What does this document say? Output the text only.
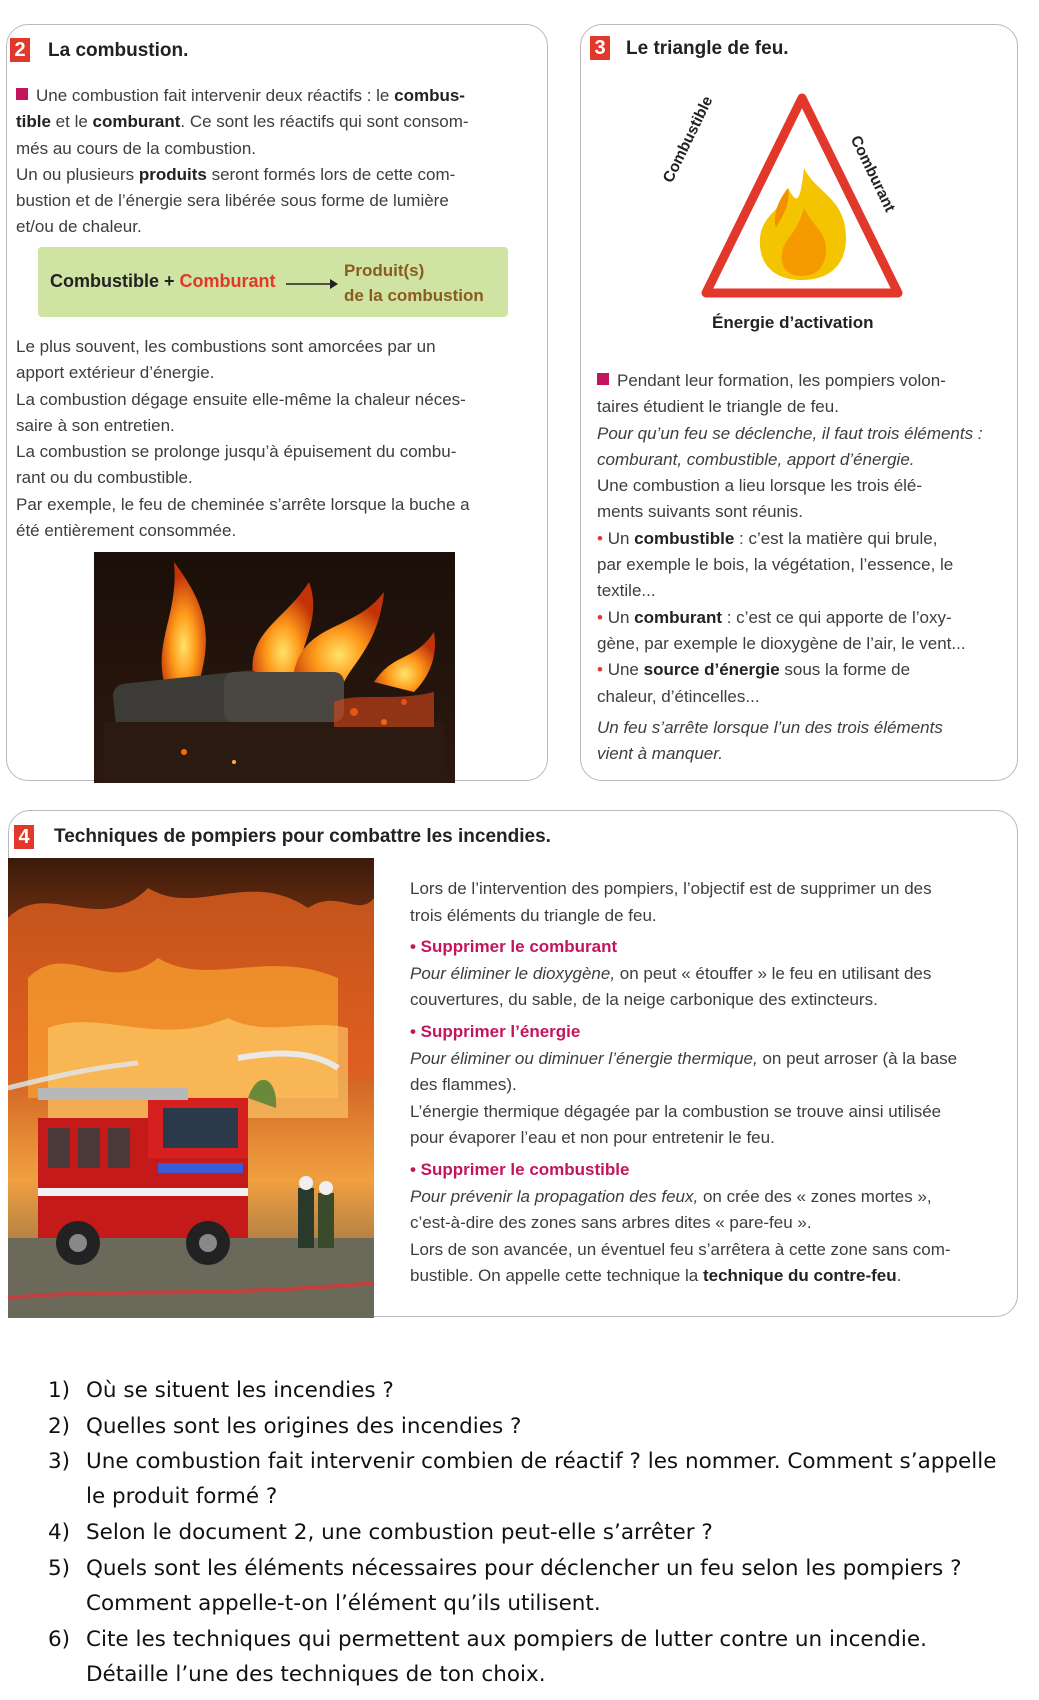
2 La combustion.

Une combustion fait intervenir deux réactifs : le combus-

tible et le comburant. Ce sont les réactifs qui sont consom-

més au cours de la combustion.

Un ou plusieurs produits seront formés lors de cette com-

bustion et de l’énergie sera libérée sous forme de lumière

et/ou de chaleur.

Combustible + Comburant
Produit(s)
de la combustion

Le plus souvent, les combustions sont amorcées par un

apport extérieur d’énergie.

La combustion dégage ensuite elle-même la chaleur néces-

saire à son entretien.

La combustion se prolonge jusqu’à épuisement du combu-

rant ou du combustible.

Par exemple, le feu de cheminée s’arrête lorsque la buche a

été entièrement consommée.

3 Le triangle de feu.
Combustible	Comburant
Énergie d’activation

Pendant leur formation, les pompiers volon-

taires étudient le triangle de feu.

Pour qu’un feu se déclenche, il faut trois éléments :

comburant, combustible, apport d’énergie.

Une combustion a lieu lorsque les trois élé-

ments suivants sont réunis.

• Un combustible : c’est la matière qui brule,

par exemple le bois, la végétation, l’essence, le

textile...

• Un comburant : c’est ce qui apporte de l’oxy-

gène, par exemple le dioxygène de l’air, le vent...

• Une source d’énergie sous la forme de

chaleur, d’étincelles...

Un feu s’arrête lorsque l’un des trois éléments

vient à manquer.

4 Techniques de pompiers pour combattre les incendies.

Lors de l’intervention des pompiers, l’objectif est de supprimer un des

trois éléments du triangle de feu.

• Supprimer le comburant

Pour éliminer le dioxygène, on peut « étouffer » le feu en utilisant des

couvertures, du sable, de la neige carbonique des extincteurs.

• Supprimer l’énergie

Pour éliminer ou diminuer l’énergie thermique, on peut arroser (à la base

des flammes).

L’énergie thermique dégagée par la combustion se trouve ainsi utilisée

pour évaporer l’eau et non pour entretenir le feu.

• Supprimer le combustible

Pour prévenir la propagation des feux, on crée des « zones mortes »,

c’est-à-dire des zones sans arbres dites « pare-feu ».

Lors de son avancée, un éventuel feu s’arrêtera à cette zone sans com-

bustible. On appelle cette technique la technique du contre-feu.

1) Où se situent les incendies ?
2) Quelles sont les origines des incendies ?
3) Une combustion fait intervenir combien de réactif ? les nommer. Comment s’appelle
le produit formé ?
4) Selon le document 2, une combustion peut-elle s’arrêter ?
5) Quels sont les éléments nécessaires pour déclencher un feu selon les pompiers ?
Comment appelle-t-on l’élément qu’ils utilisent.
6) Cite les techniques qui permettent aux pompiers de lutter contre un incendie.
Détaille l’une des techniques de ton choix.
